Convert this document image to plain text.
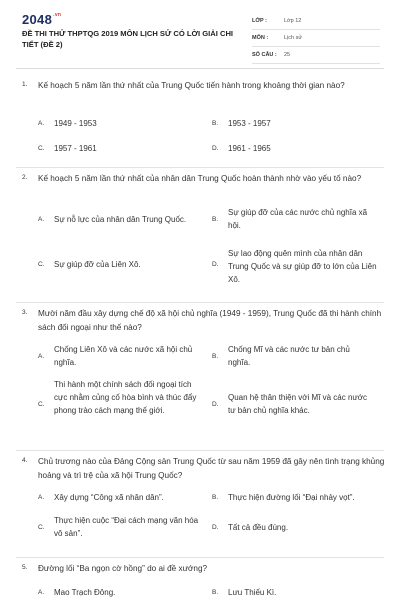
$2048^{.vn}$
ĐỀ THI THỬ THPTQG 2019 MÔN LỊCH SỬ CÓ LỜI GIẢI CHI TIẾT (ĐỀ 2)
LỚP :	Lớp 12
MÔN :	Lịch sử
SỐ CÂU :	25
1. Kế hoạch 5 năm lần thứ nhất của Trung Quốc tiến hành trong khoảng thời gian nào?
A. 1949 - 1953	B. 1953 - 1957
C. 1957 - 1961	D. 1961 - 1965
2. Kế hoạch 5 năm lần thứ nhất của nhân dân Trung Quốc hoàn thành nhờ vào yếu tố nào?
A. Sự nỗ lực của nhân dân Trung Quốc.	B.
Sự giúp đỡ của các nước chủ nghĩa xã hội.
C. Sự giúp đỡ của Liên Xô.	D.
Sự lao động quên mình của nhân dân Trung Quốc và sự giúp đỡ to lớn của Liên Xô.
3. Mười năm đầu xây dựng chế độ xã hội chủ nghĩa (1949 - 1959), Trung Quốc đã thi hành chính sách đối ngoại như thế nào?
A.
Chống Liên Xô và các nước xã hội chủ nghĩa.
B.
Chống Mĩ và các nước tư bản chủ nghĩa.
C.
Thi hành một chính sách đối ngoại tích cực nhằm củng cố hòa bình và thúc đẩy phong trào cách mạng thế giới.
D.
Quan hệ thân thiện với Mĩ và các nước tư bản chủ nghĩa khác.
4. Chủ trương nào của Đảng Cộng sản Trung Quốc từ sau năm 1959 đã gây nên tình trạng khủng hoảng và trì trệ của xã hội Trung Quốc?
A. Xây dựng “Công xã nhân dân”.	B. Thực hiện đường lối “Đại nhảy vọt”.
C.
Thực hiện cuộc “Đại cách mạng văn hóa vô sản”.
D. Tất cả đều đúng.
5. Đường lối “Ba ngọn cờ hồng” do ai đề xướng?
A. Mao Trạch Đông.	B. Lưu Thiếu Kì.
